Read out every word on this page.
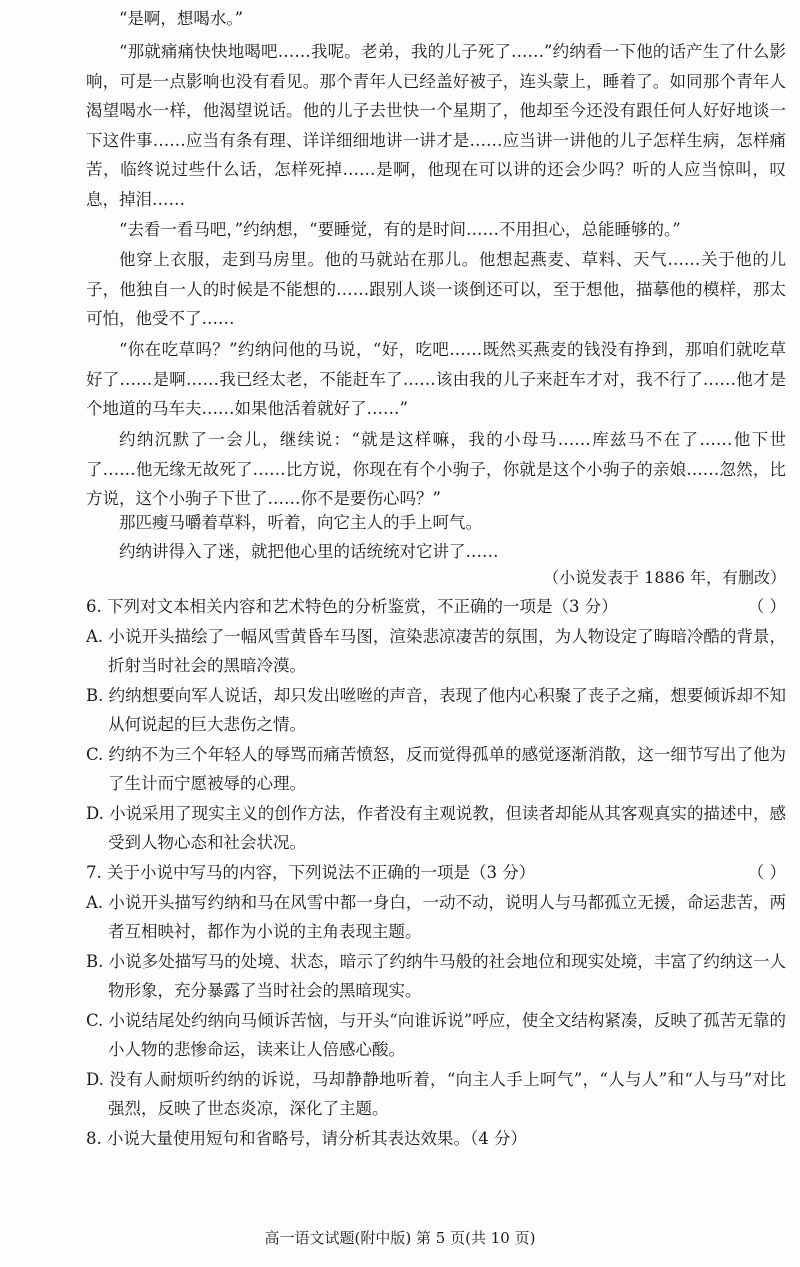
“是啊，想喝水。”

“那就痛痛快快地喝吧……我呢。老弟，我的儿子死了……”约纳看一下他的话产生了什么影响，可是一点影响也没有看见。那个青年人已经盖好被子，连头蒙上，睡着了。如同那个青年人渴望喝水一样，他渴望说话。他的儿子去世快一个星期了，他却至今还没有跟任何人好好地谈一下这件事……应当有条有理、详详细细地讲一讲才是……应当讲一讲他的儿子怎样生病，怎样痛苦，临终说过些什么话，怎样死掉……是啊，他现在可以讲的还会少吗？听的人应当惊叫，叹息，掉泪……

“去看一看马吧，”约纳想，“要睡觉，有的是时间……不用担心，总能睡够的。”

他穿上衣服，走到马房里。他的马就站在那儿。他想起燕麦、草料、天气……关于他的儿子，他独自一人的时候是不能想的……跟别人谈一谈倒还可以，至于想他，描摹他的模样，那太可怕，他受不了……

“你在吃草吗？”约纳问他的马说，“好，吃吧……既然买燕麦的钱没有挣到，那咱们就吃草好了……是啊……我已经太老，不能赶车了……该由我的儿子来赶车才对，我不行了……他才是个地道的马车夫……如果他活着就好了……”

约纳沉默了一会儿，继续说：“就是这样嘛，我的小母马……库兹马不在了……他下世了……他无缘无故死了……比方说，你现在有个小驹子，你就是这个小驹子的亲娘……忽然，比方说，这个小驹子下世了……你不是要伤心吗？”

那匹瘦马嚼着草料，听着，向它主人的手上呵气。

约纳讲得入了迷，就把他心里的话统统对它讲了……

（小说发表于 1886 年，有删改）
6. 下列对文本相关内容和艺术特色的分析鉴赏，不正确的一项是（3 分）	（ ）
A. 小说开头描绘了一幅风雪黄昏车马图，渲染悲凉凄苦的氛围，为人物设定了晦暗冷酷的背景，折射当时社会的黑暗冷漠。
B. 约纳想要向军人说话，却只发出咝咝的声音，表现了他内心积聚了丧子之痛，想要倾诉却不知从何说起的巨大悲伤之情。
C. 约纳不为三个年轻人的辱骂而痛苦愤怒，反而觉得孤单的感觉逐渐消散，这一细节写出了他为了生计而宁愿被辱的心理。
D. 小说采用了现实主义的创作方法，作者没有主观说教，但读者却能从其客观真实的描述中，感受到人物心态和社会状况。
7. 关于小说中写马的内容，下列说法不正确的一项是（3 分）	（ ）
A. 小说开头描写约纳和马在风雪中都一身白，一动不动，说明人与马都孤立无援，命运悲苦，两者互相映衬，都作为小说的主角表现主题。
B. 小说多处描写马的处境、状态，暗示了约纳牛马般的社会地位和现实处境，丰富了约纳这一人物形象，充分暴露了当时社会的黑暗现实。
C. 小说结尾处约纳向马倾诉苦恼，与开头“向谁诉说”呼应，使全文结构紧凑，反映了孤苦无靠的小人物的悲惨命运，读来让人倍感心酸。
D. 没有人耐烦听约纳的诉说，马却静静地听着，“向主人手上呵气”，“人与人”和“人与马”对比强烈，反映了世态炎凉，深化了主题。
8. 小说大量使用短句和省略号，请分析其表达效果。（4 分）
高一语文试题(附中版) 第 5 页(共 10 页)
